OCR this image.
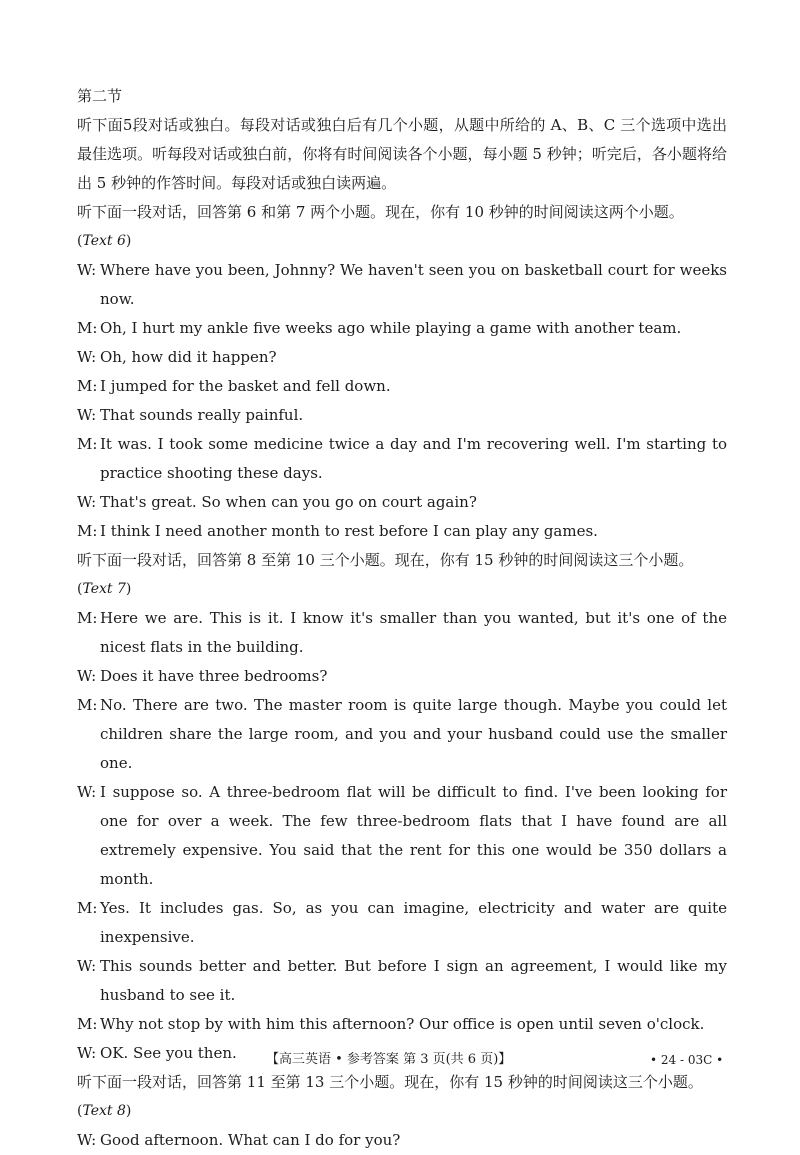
第二节

听下面5段对话或独白。每段对话或独白后有几个小题，从题中所给的 A、B、C 三个选项中选出最佳选项。听每段对话或独白前，你将有时间阅读各个小题，每小题 5 秒钟；听完后，各小题将给出 5 秒钟的作答时间。每段对话或独白读两遍。

听下面一段对话，回答第 6 和第 7 两个小题。现在，你有 10 秒钟的时间阅读这两个小题。
(Text 6)
W: Where have you been, Johnny? We haven't seen you on basketball court for weeks now.
M: Oh, I hurt my ankle five weeks ago while playing a game with another team.
W: Oh, how did it happen?
M: I jumped for the basket and fell down.
W: That sounds really painful.
M: It was. I took some medicine twice a day and I'm recovering well. I'm starting to practice shooting these days.
W: That's great. So when can you go on court again?
M: I think I need another month to rest before I can play any games.
听下面一段对话，回答第 8 至第 10 三个小题。现在，你有 15 秒钟的时间阅读这三个小题。
(Text 7)
M: Here we are. This is it. I know it's smaller than you wanted, but it's one of the nicest flats in the building.
W: Does it have three bedrooms?
M: No. There are two. The master room is quite large though. Maybe you could let children share the large room, and you and your husband could use the smaller one.
W: I suppose so. A three-bedroom flat will be difficult to find. I've been looking for one for over a week. The few three-bedroom flats that I have found are all extremely expensive. You said that the rent for this one would be 350 dollars a month.
M: Yes. It includes gas. So, as you can imagine, electricity and water are quite inexpensive.
W: This sounds better and better. But before I sign an agreement, I would like my husband to see it.
M: Why not stop by with him this afternoon? Our office is open until seven o'clock.
W: OK. See you then.
听下面一段对话，回答第 11 至第 13 三个小题。现在，你有 15 秒钟的时间阅读这三个小题。
(Text 8)
W: Good afternoon. What can I do for you?
【高三英语 • 参考答案 第 3 页(共 6 页)】	• 24 - 03C •
